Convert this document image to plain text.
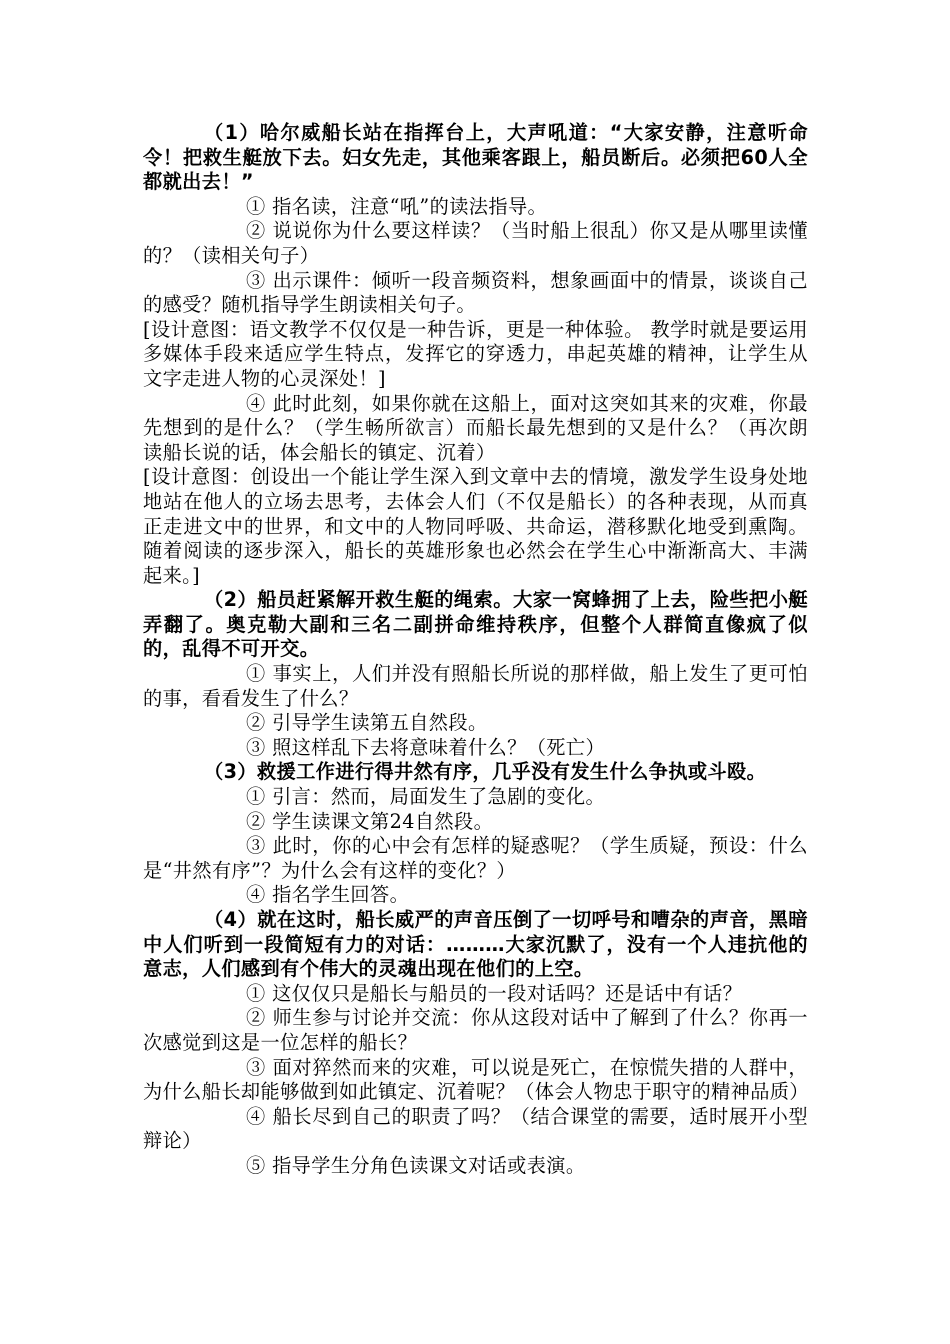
（1）哈尔威船长站在指挥台上，大声吼道：“大家安静，注意听命令！把救生艇放下去。妇女先走，其他乘客跟上，船员断后。必须把60人全都就出去！”

① 指名读，注意“吼”的读法指导。

② 说说你为什么要这样读？（当时船上很乱）你又是从哪里读懂的？（读相关句子）

③ 出示课件：倾听一段音频资料，想象画面中的情景，谈谈自己的感受？随机指导学生朗读相关句子。

[设计意图：语文教学不仅仅是一种告诉，更是一种体验。 教学时就是要运用多媒体手段来适应学生特点，发挥它的穿透力，串起英雄的精神，让学生从文字走进人物的心灵深处！]

④ 此时此刻，如果你就在这船上，面对这突如其来的灾难，你最先想到的是什么？（学生畅所欲言）而船长最先想到的又是什么？（再次朗读船长说的话，体会船长的镇定、沉着）

[设计意图：创设出一个能让学生深入到文章中去的情境，激发学生设身处地地站在他人的立场去思考，去体会人们（不仅是船长）的各种表现，从而真正走进文中的世界，和文中的人物同呼吸、共命运，潜移默化地受到熏陶。随着阅读的逐步深入，船长的英雄形象也必然会在学生心中渐渐高大、丰满起来。]

（2）船员赶紧解开救生艇的绳索。大家一窝蜂拥了上去，险些把小艇弄翻了。奥克勒大副和三名二副拼命维持秩序，但整个人群简直像疯了似的，乱得不可开交。

① 事实上，人们并没有照船长所说的那样做，船上发生了更可怕的事，看看发生了什么？

② 引导学生读第五自然段。

③ 照这样乱下去将意味着什么？（死亡）

（3）救援工作进行得井然有序，几乎没有发生什么争执或斗殴。

① 引言：然而，局面发生了急剧的变化。

② 学生读课文第24自然段。

③ 此时，你的心中会有怎样的疑惑呢？（学生质疑，预设：什么是“井然有序”？为什么会有这样的变化？）

④ 指名学生回答。

（4）就在这时，船长威严的声音压倒了一切呼号和嘈杂的声音，黑暗中人们听到一段简短有力的对话：………大家沉默了，没有一个人违抗他的意志，人们感到有个伟大的灵魂出现在他们的上空。

① 这仅仅只是船长与船员的一段对话吗？还是话中有话？

② 师生参与讨论并交流：你从这段对话中了解到了什么？你再一次感觉到这是一位怎样的船长？

③ 面对猝然而来的灾难，可以说是死亡，在惊慌失措的人群中，为什么船长却能够做到如此镇定、沉着呢？（体会人物忠于职守的精神品质）

④ 船长尽到自己的职责了吗？（结合课堂的需要，适时展开小型辩论）

⑤ 指导学生分角色读课文对话或表演。
